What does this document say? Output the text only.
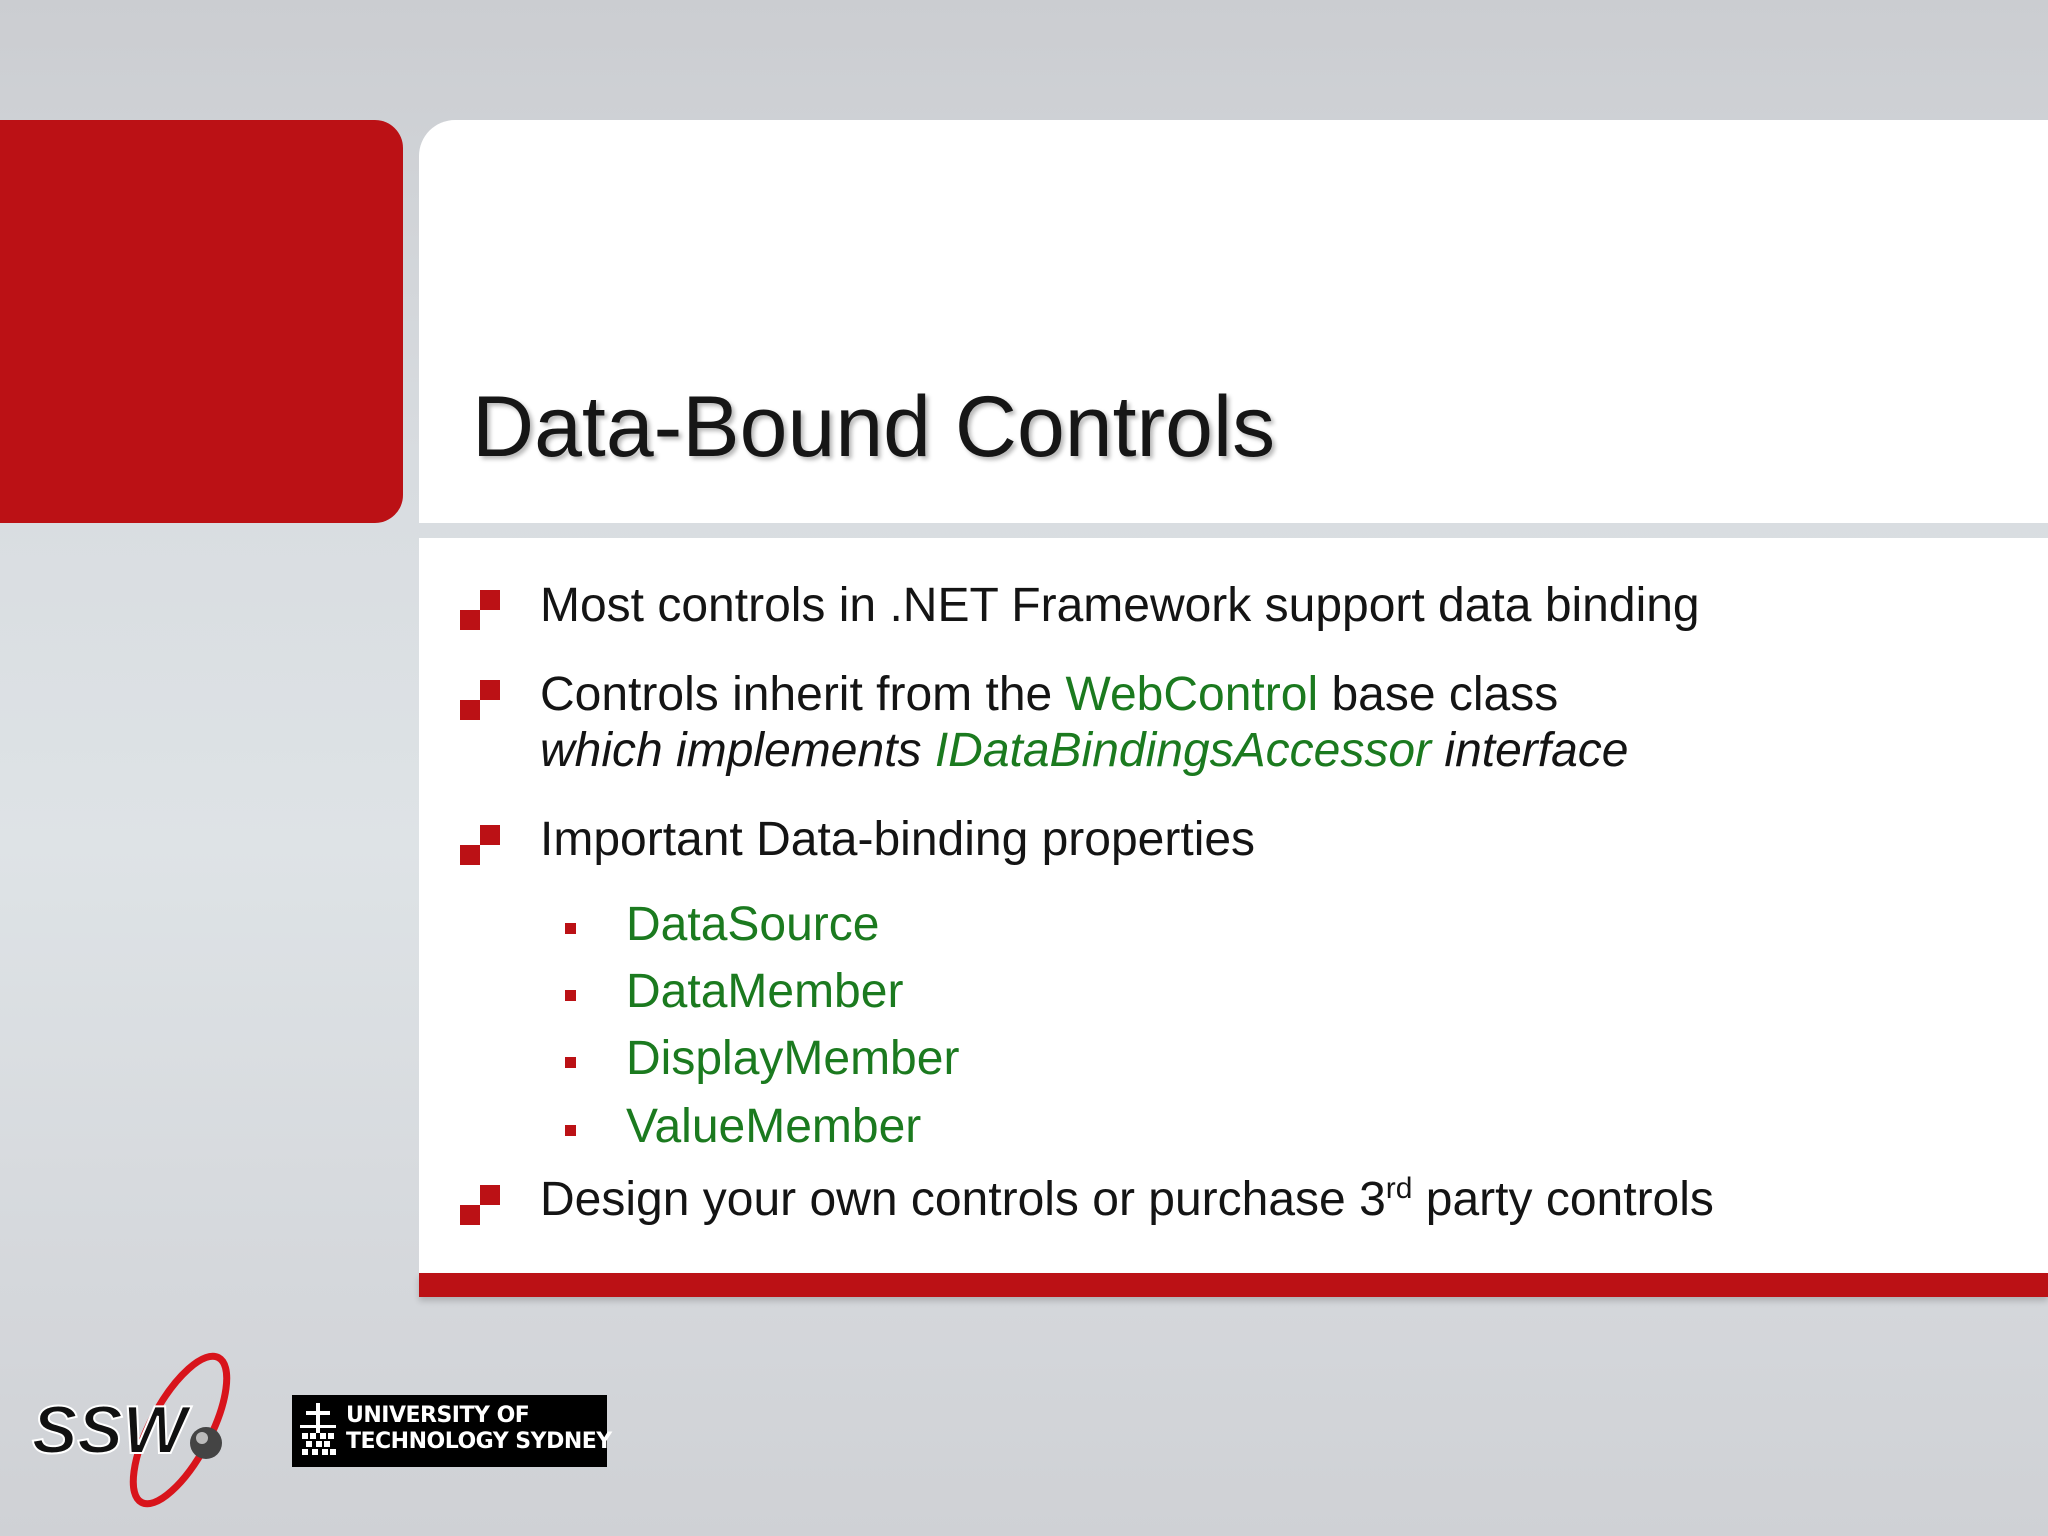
Data-Bound Controls

Most controls in .NET Framework support data binding

Controls inherit from the WebControl base class

which implements IDataBindingsAccessor interface

Important Data-binding properties

DataSource

DataMember

DisplayMember

ValueMember

Design your own controls or purchase 3rd party controls

SSW	UNIVERSITY OF
TECHNOLOGY SYDNEY
